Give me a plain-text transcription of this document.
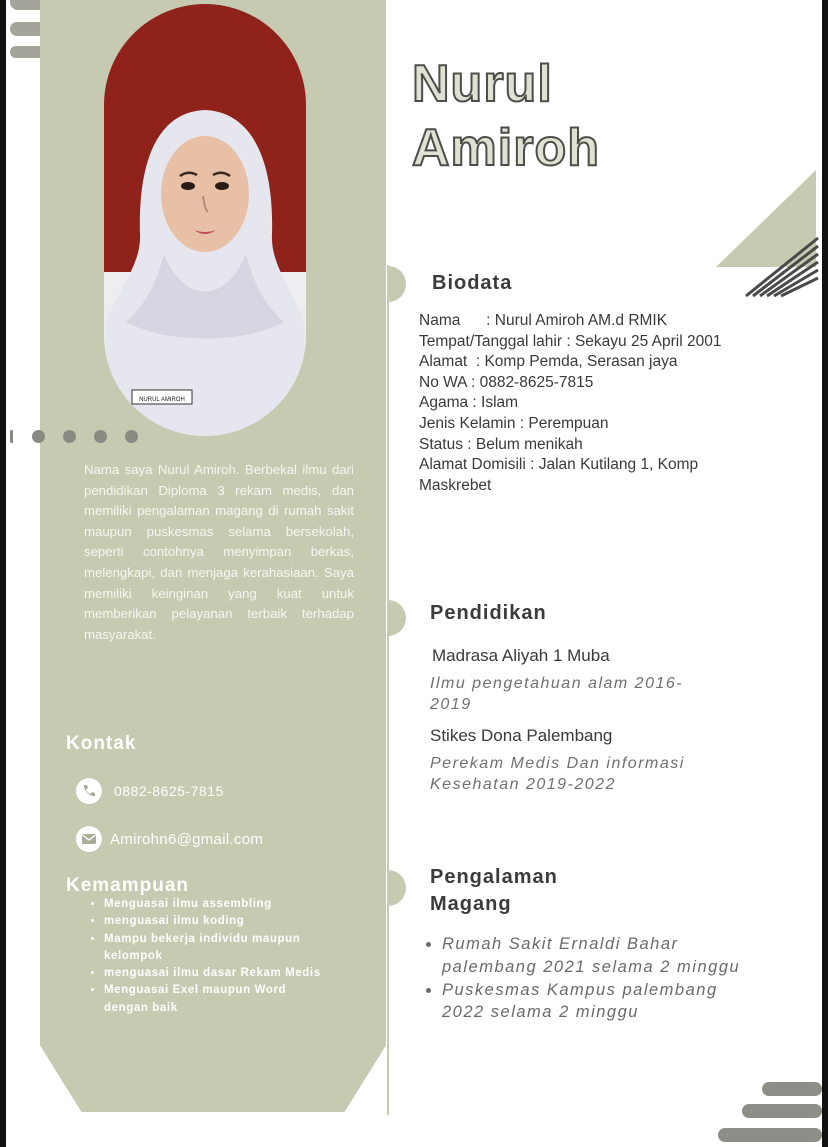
NURUL AMIROH

Nama saya Nurul Amiroh. Berbekal ilmu dari pendidikan Diploma 3 rekam medis, dan memiliki pengalaman magang di rumah sakit maupun puskesmas selama bersekolah, seperti contohnya menyimpan berkas, melengkapi, dan menjaga kerahasiaan. Saya memiliki keinginan yang kuat untuk memberikan pelayanan terbaik terhadap masyarakat.

Kontak
0882-8625-7815
Amirohn6@gmail.com
Kemampuan
• Menguasai ilmu assembling
• menguasai ilmu koding
• Mampu bekerja individu maupun kelompok
• menguasai ilmu dasar Rekam Medis
• Menguasai Exel maupun Word dengan baik
Nurul
Amiroh
Biodata
Nama      : Nurul Amiroh AM.d RMIK
Tempat/Tanggal lahir : Sekayu 25 April 2001
Alamat  : Komp Pemda, Serasan jaya
No WA : 0882-8625-7815
Agama : Islam
Jenis Kelamin : Perempuan
Status : Belum menikah
Alamat Domisili : Jalan Kutilang 1, Komp
Maskrebet
Pendidikan

Madrasa Aliyah 1 Muba

Ilmu pengetahuan alam 2016-2019

Stikes Dona Palembang

Perekam Medis Dan informasi Kesehatan 2019-2022

Pengalaman
Magang
• Rumah Sakit Ernaldi Bahar palembang 2021 selama 2 minggu
• Puskesmas Kampus palembang 2022 selama 2 minggu
